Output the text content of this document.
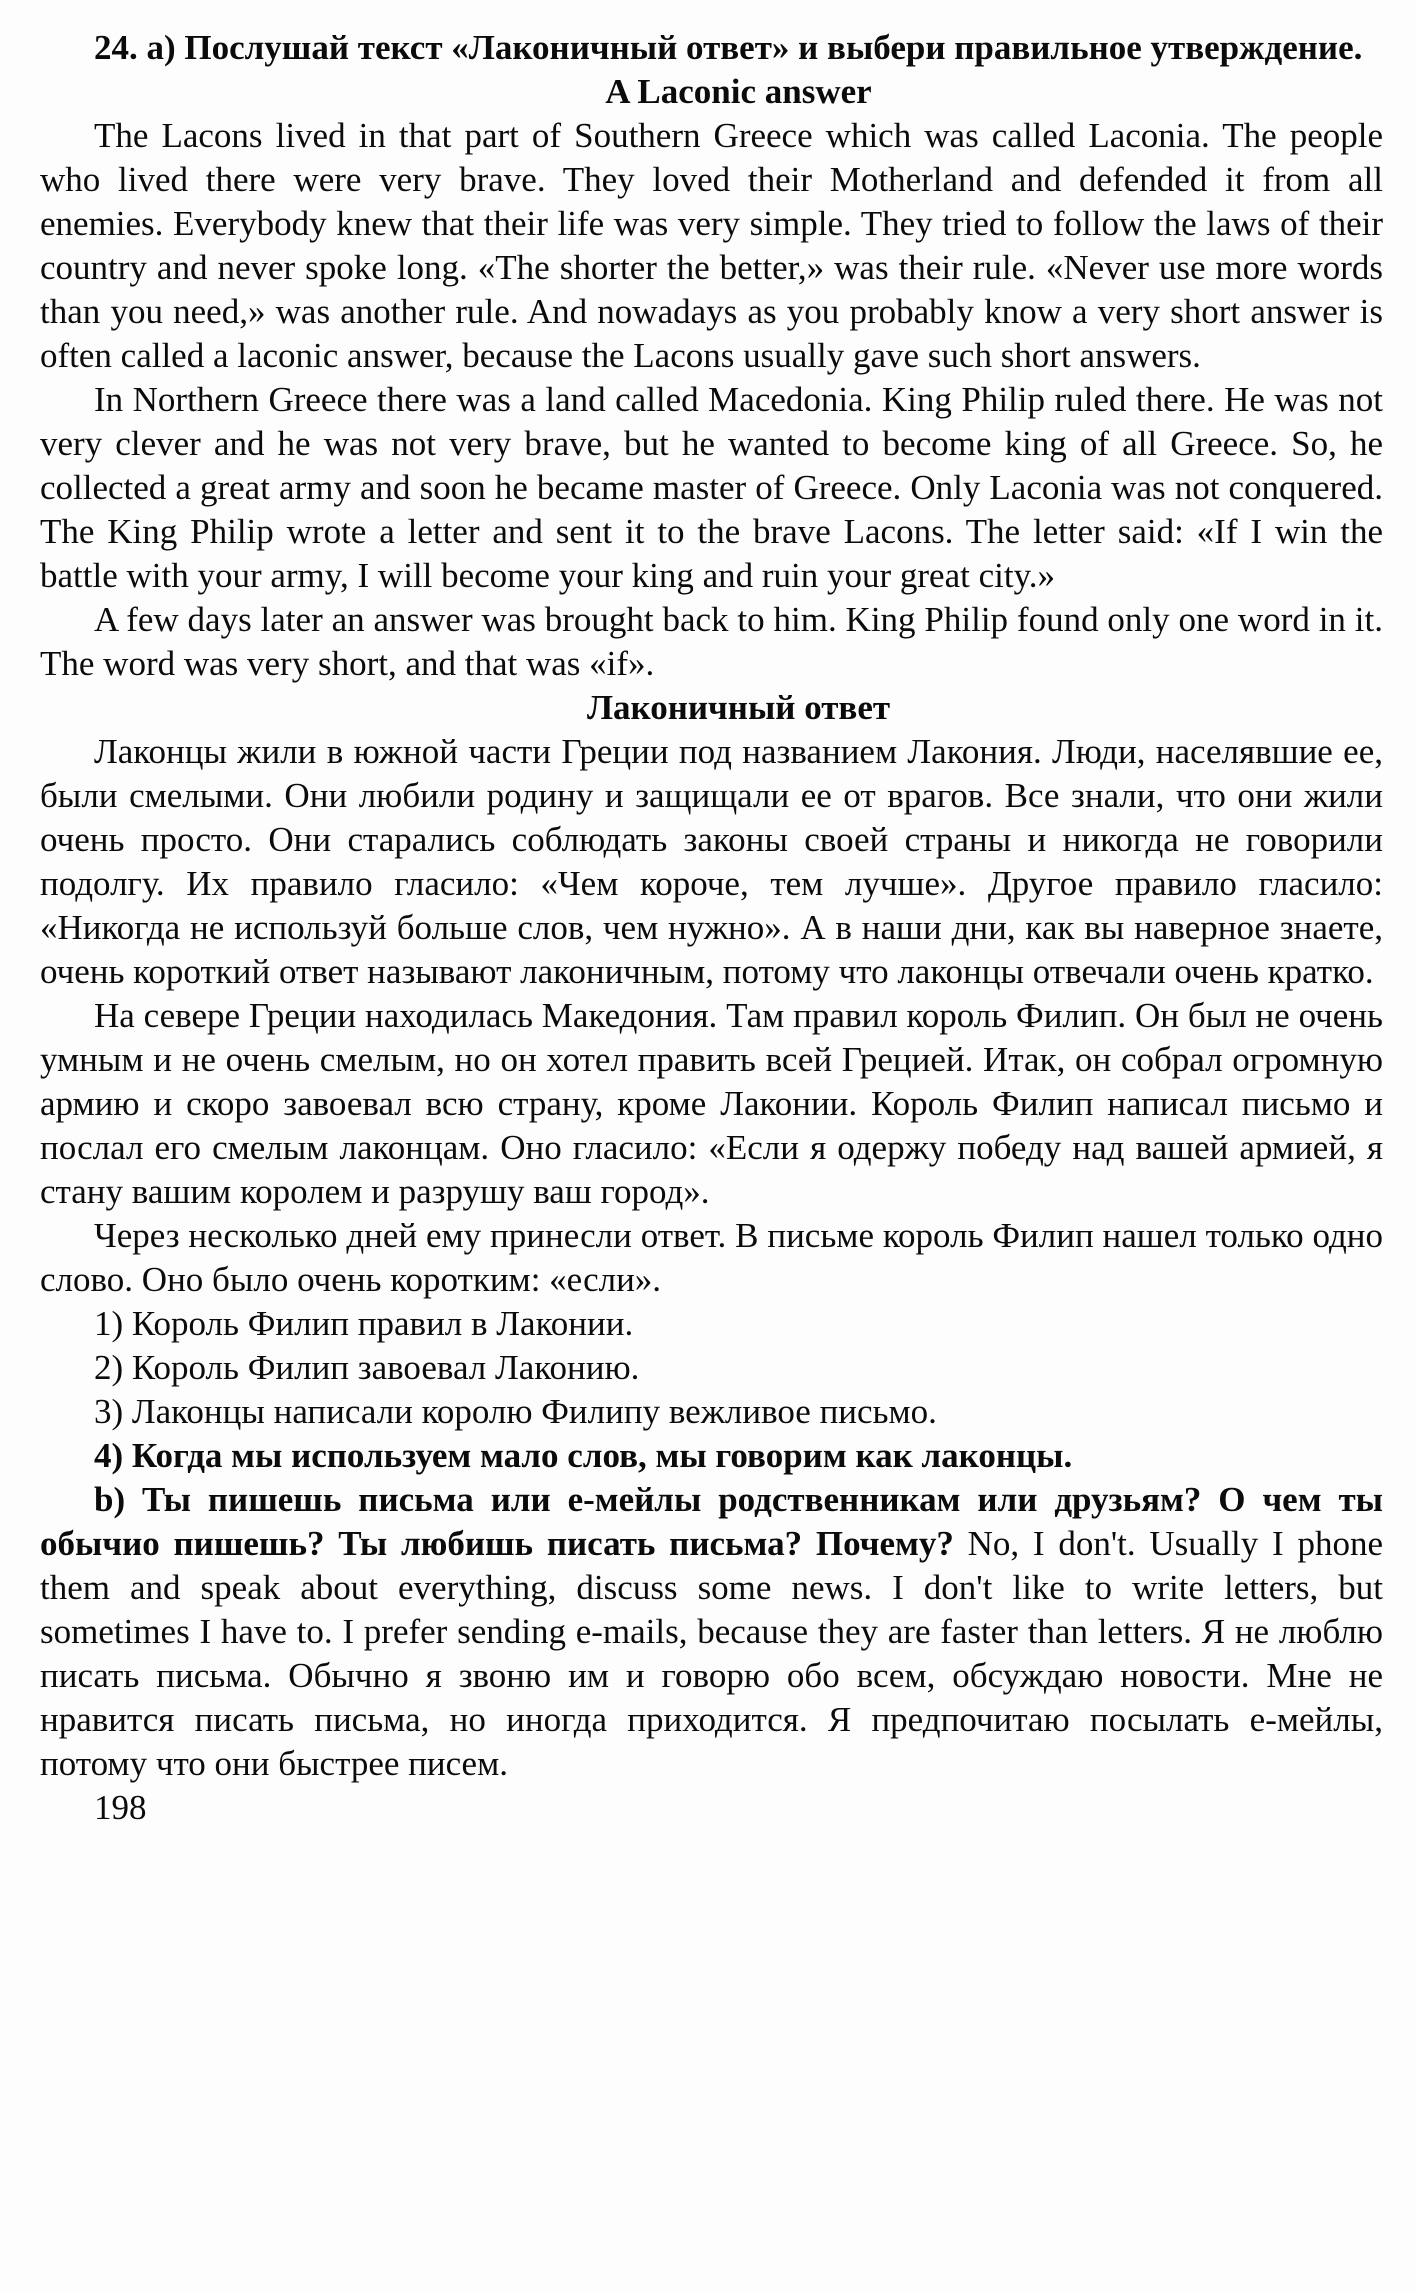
24. а) Послушай текст «Лаконичный ответ» и выбери правильное утверждение.

A Laconic answer

The Lacons lived in that part of Southern Greece which was called Laconia. The people who lived there were very brave. They loved their Motherland and defended it from all enemies. Everybody knew that their life was very simple. They tried to follow the laws of their country and never spoke long. «The shorter the better,» was their rule. «Never use more words than you need,» was another rule. And nowadays as you probably know a very short answer is often called a laconic answer, because the Lacons usually gave such short answers.

In Northern Greece there was a land called Macedonia. King Philip ruled there. He was not very clever and he was not very brave, but he wanted to become king of all Greece. So, he collected a great army and soon he became master of Greece. Only Laconia was not conquered. The King Philip wrote a letter and sent it to the brave Lacons. The letter said: «If I win the battle with your army, I will become your king and ruin your great city.»

A few days later an answer was brought back to him. King Philip found only one word in it. The word was very short, and that was «if».

Лаконичный ответ

Лаконцы жили в южной части Греции под названием Лакония. Люди, населявшие ее, были смелыми. Они любили родину и защищали ее от врагов. Все знали, что они жили очень просто. Они старались соблюдать законы своей страны и никогда не говорили подолгу. Их правило гласило: «Чем короче, тем лучше». Другое правило гласило: «Никогда не используй больше слов, чем нужно». А в наши дни, как вы наверное знаете, очень короткий ответ называют лаконичным, потому что лаконцы отвечали очень кратко.

На севере Греции находилась Македония. Там правил король Филип. Он был не очень умным и не очень смелым, но он хотел править всей Грецией. Итак, он собрал огромную армию и скоро завоевал всю страну, кроме Лаконии. Король Филип написал письмо и послал его смелым лаконцам. Оно гласило: «Если я одержу победу над вашей армией, я стану вашим королем и разрушу ваш город».

Через несколько дней ему принесли ответ. В письме король Филип нашел только одно слово. Оно было очень коротким: «если».

1) Король Филип правил в Лаконии.

2) Король Филип завоевал Лаконию.

3) Лаконцы написали королю Филипу вежливое письмо.

4) Когда мы используем мало слов, мы говорим как лаконцы.

b) Ты пишешь письма или е-мейлы родственникам или друзьям? О чем ты обычио пишешь? Ты любишь писать письма? Почему? No, I don't. Usually I phone them and speak about everything, discuss some news. I don't like to write letters, but sometimes I have to. I prefer sending e-mails, because they are faster than letters. Я не люблю писать письма. Обычно я звоню им и говорю обо всем, обсуждаю новости. Мне не нравится писать письма, но иногда приходится. Я предпочитаю посылать е-мейлы, потому что они быстрее писем.

198
